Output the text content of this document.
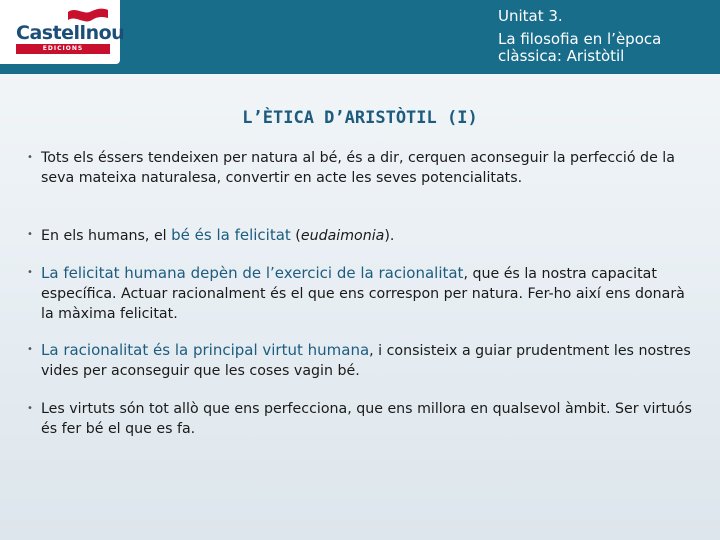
Castellnou
EDICIONS
Unitat 3.
La filosofia en l’època clàssica: Aristòtil
L’ÈTICA D’ARISTÒTIL (I)
• Tots els éssers tendeixen per natura al bé, és a dir, cerquen aconseguir la perfecció de la seva mateixa naturalesa, convertir en acte les seves potencialitats.
• En els humans, el bé és la felicitat (eudaimonia).
• La felicitat humana depèn de l’exercici de la racionalitat, que és la nostra capacitat específica. Actuar racionalment és el que ens correspon per natura. Fer-ho així ens donarà la màxima felicitat.
• La racionalitat és la principal virtut humana, i consisteix a guiar prudentment les nostres vides per aconseguir que les coses vagin bé.
• Les virtuts són tot allò que ens perfecciona, que ens millora en qualsevol àmbit. Ser virtuós és fer bé el que es fa.
